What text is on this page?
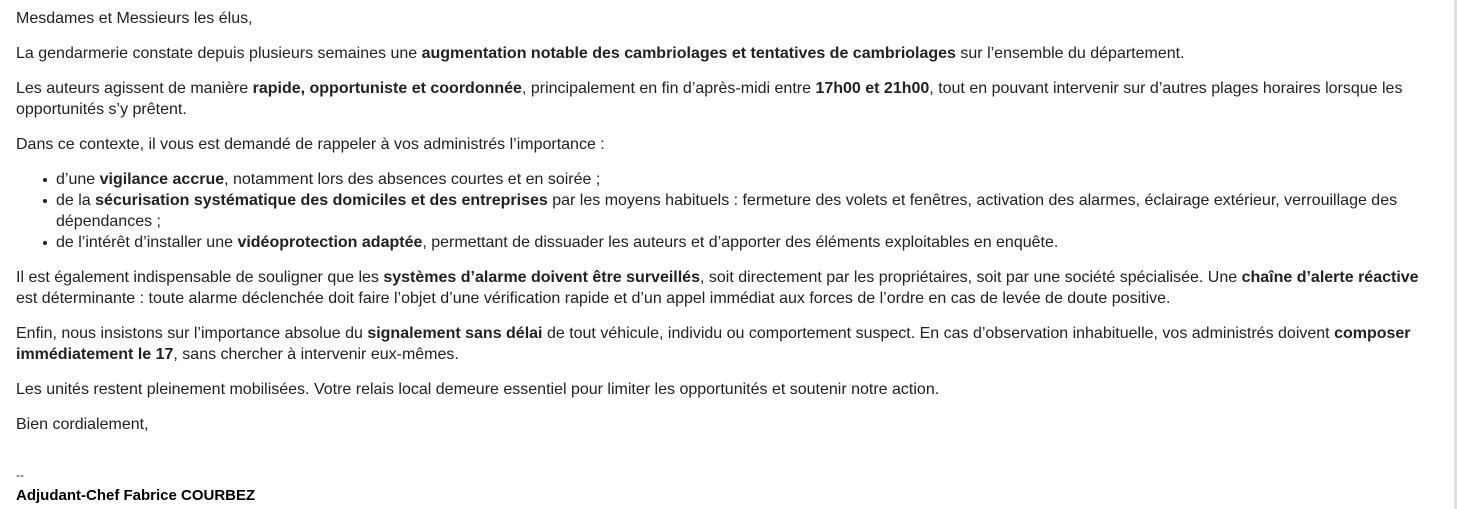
Mesdames et Messieurs les élus,

La gendarmerie constate depuis plusieurs semaines une augmentation notable des cambriolages et tentatives de cambriolages sur l’ensemble du département.

Les auteurs agissent de manière rapide, opportuniste et coordonnée, principalement en fin d’après-midi entre 17h00 et 21h00, tout en pouvant intervenir sur d’autres plages horaires lorsque les opportunités s’y prêtent.

Dans ce contexte, il vous est demandé de rappeler à vos administrés l’importance :

d’une vigilance accrue, notamment lors des absences courtes et en soirée ;
de la sécurisation systématique des domiciles et des entreprises par les moyens habituels : fermeture des volets et fenêtres, activation des alarmes, éclairage extérieur, verrouillage des dépendances ;
de l’intérêt d’installer une vidéoprotection adaptée, permettant de dissuader les auteurs et d’apporter des éléments exploitables en enquête.

Il est également indispensable de souligner que les systèmes d’alarme doivent être surveillés, soit directement par les propriétaires, soit par une société spécialisée. Une chaîne d’alerte réactive est déterminante : toute alarme déclenchée doit faire l’objet d’une vérification rapide et d’un appel immédiat aux forces de l’ordre en cas de levée de doute positive.

Enfin, nous insistons sur l’importance absolue du signalement sans délai de tout véhicule, individu ou comportement suspect. En cas d’observation inhabituelle, vos administrés doivent composer immédiatement le 17, sans chercher à intervenir eux-mêmes.

Les unités restent pleinement mobilisées. Votre relais local demeure essentiel pour limiter les opportunités et soutenir notre action.

Bien cordialement,

--
Adjudant-Chef Fabrice COURBEZ
